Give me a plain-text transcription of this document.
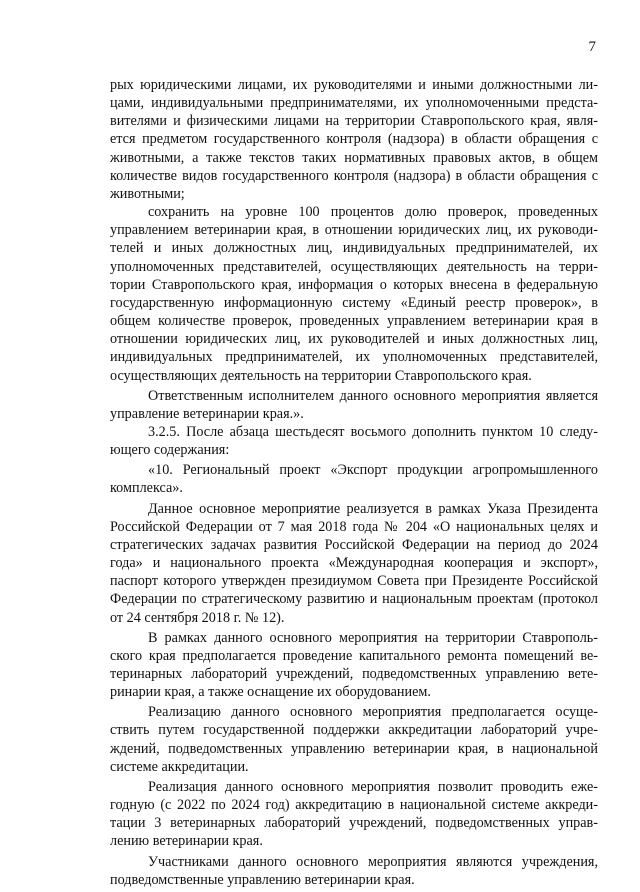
7

рых юридическими лицами, их руководителями и иными должностными лицами, индивидуальными предпринимателями, их уполномоченными представителями и физическими лицами на территории Ставропольского края, является предметом государственного контроля (надзора) в области обращения с животными, а также текстов таких нормативных правовых актов, в общем количестве видов государственного контроля (надзора) в области обращения с животными;

сохранить на уровне 100 процентов долю проверок, проведенных управлением ветеринарии края, в отношении юридических лиц, их руководителей и иных должностных лиц, индивидуальных предпринимателей, их уполномоченных представителей, осуществляющих деятельность на территории Ставропольского края, информация о которых внесена в федеральную государственную информационную систему «Единый реестр проверок», в общем количестве проверок, проведенных управлением ветеринарии края в отношении юридических лиц, их руководителей и иных должностных лиц, индивидуальных предпринимателей, их уполномоченных представителей, осуществляющих деятельность на территории Ставропольского края.

Ответственным исполнителем данного основного мероприятия является управление ветеринарии края.».

3.2.5. После абзаца шестьдесят восьмого дополнить пунктом 10 следующего содержания:

«10. Региональный проект «Экспорт продукции агропромышленного комплекса».

Данное основное мероприятие реализуется в рамках Указа Президента Российской Федерации от 7 мая 2018 года № 204 «О национальных целях и стратегических задачах развития Российской Федерации на период до 2024 года» и национального проекта «Международная кооперация и экспорт», паспорт которого утвержден президиумом Совета при Президенте Российской Федерации по стратегическому развитию и национальным проектам (протокол от 24 сентября 2018 г. № 12).

В рамках данного основного мероприятия на территории Ставропольского края предполагается проведение капитального ремонта помещений ветеринарных лабораторий учреждений, подведомственных управлению ветеринарии края, а также оснащение их оборудованием.

Реализацию данного основного мероприятия предполагается осуществить путем государственной поддержки аккредитации лабораторий учреждений, подведомственных управлению ветеринарии края, в национальной системе аккредитации.

Реализация данного основного мероприятия позволит проводить ежегодную (с 2022 по 2024 год) аккредитацию в национальной системе аккредитации 3 ветеринарных лабораторий учреждений, подведомственных управлению ветеринарии края.

Участниками данного основного мероприятия являются учреждения, подведомственные управлению ветеринарии края.
